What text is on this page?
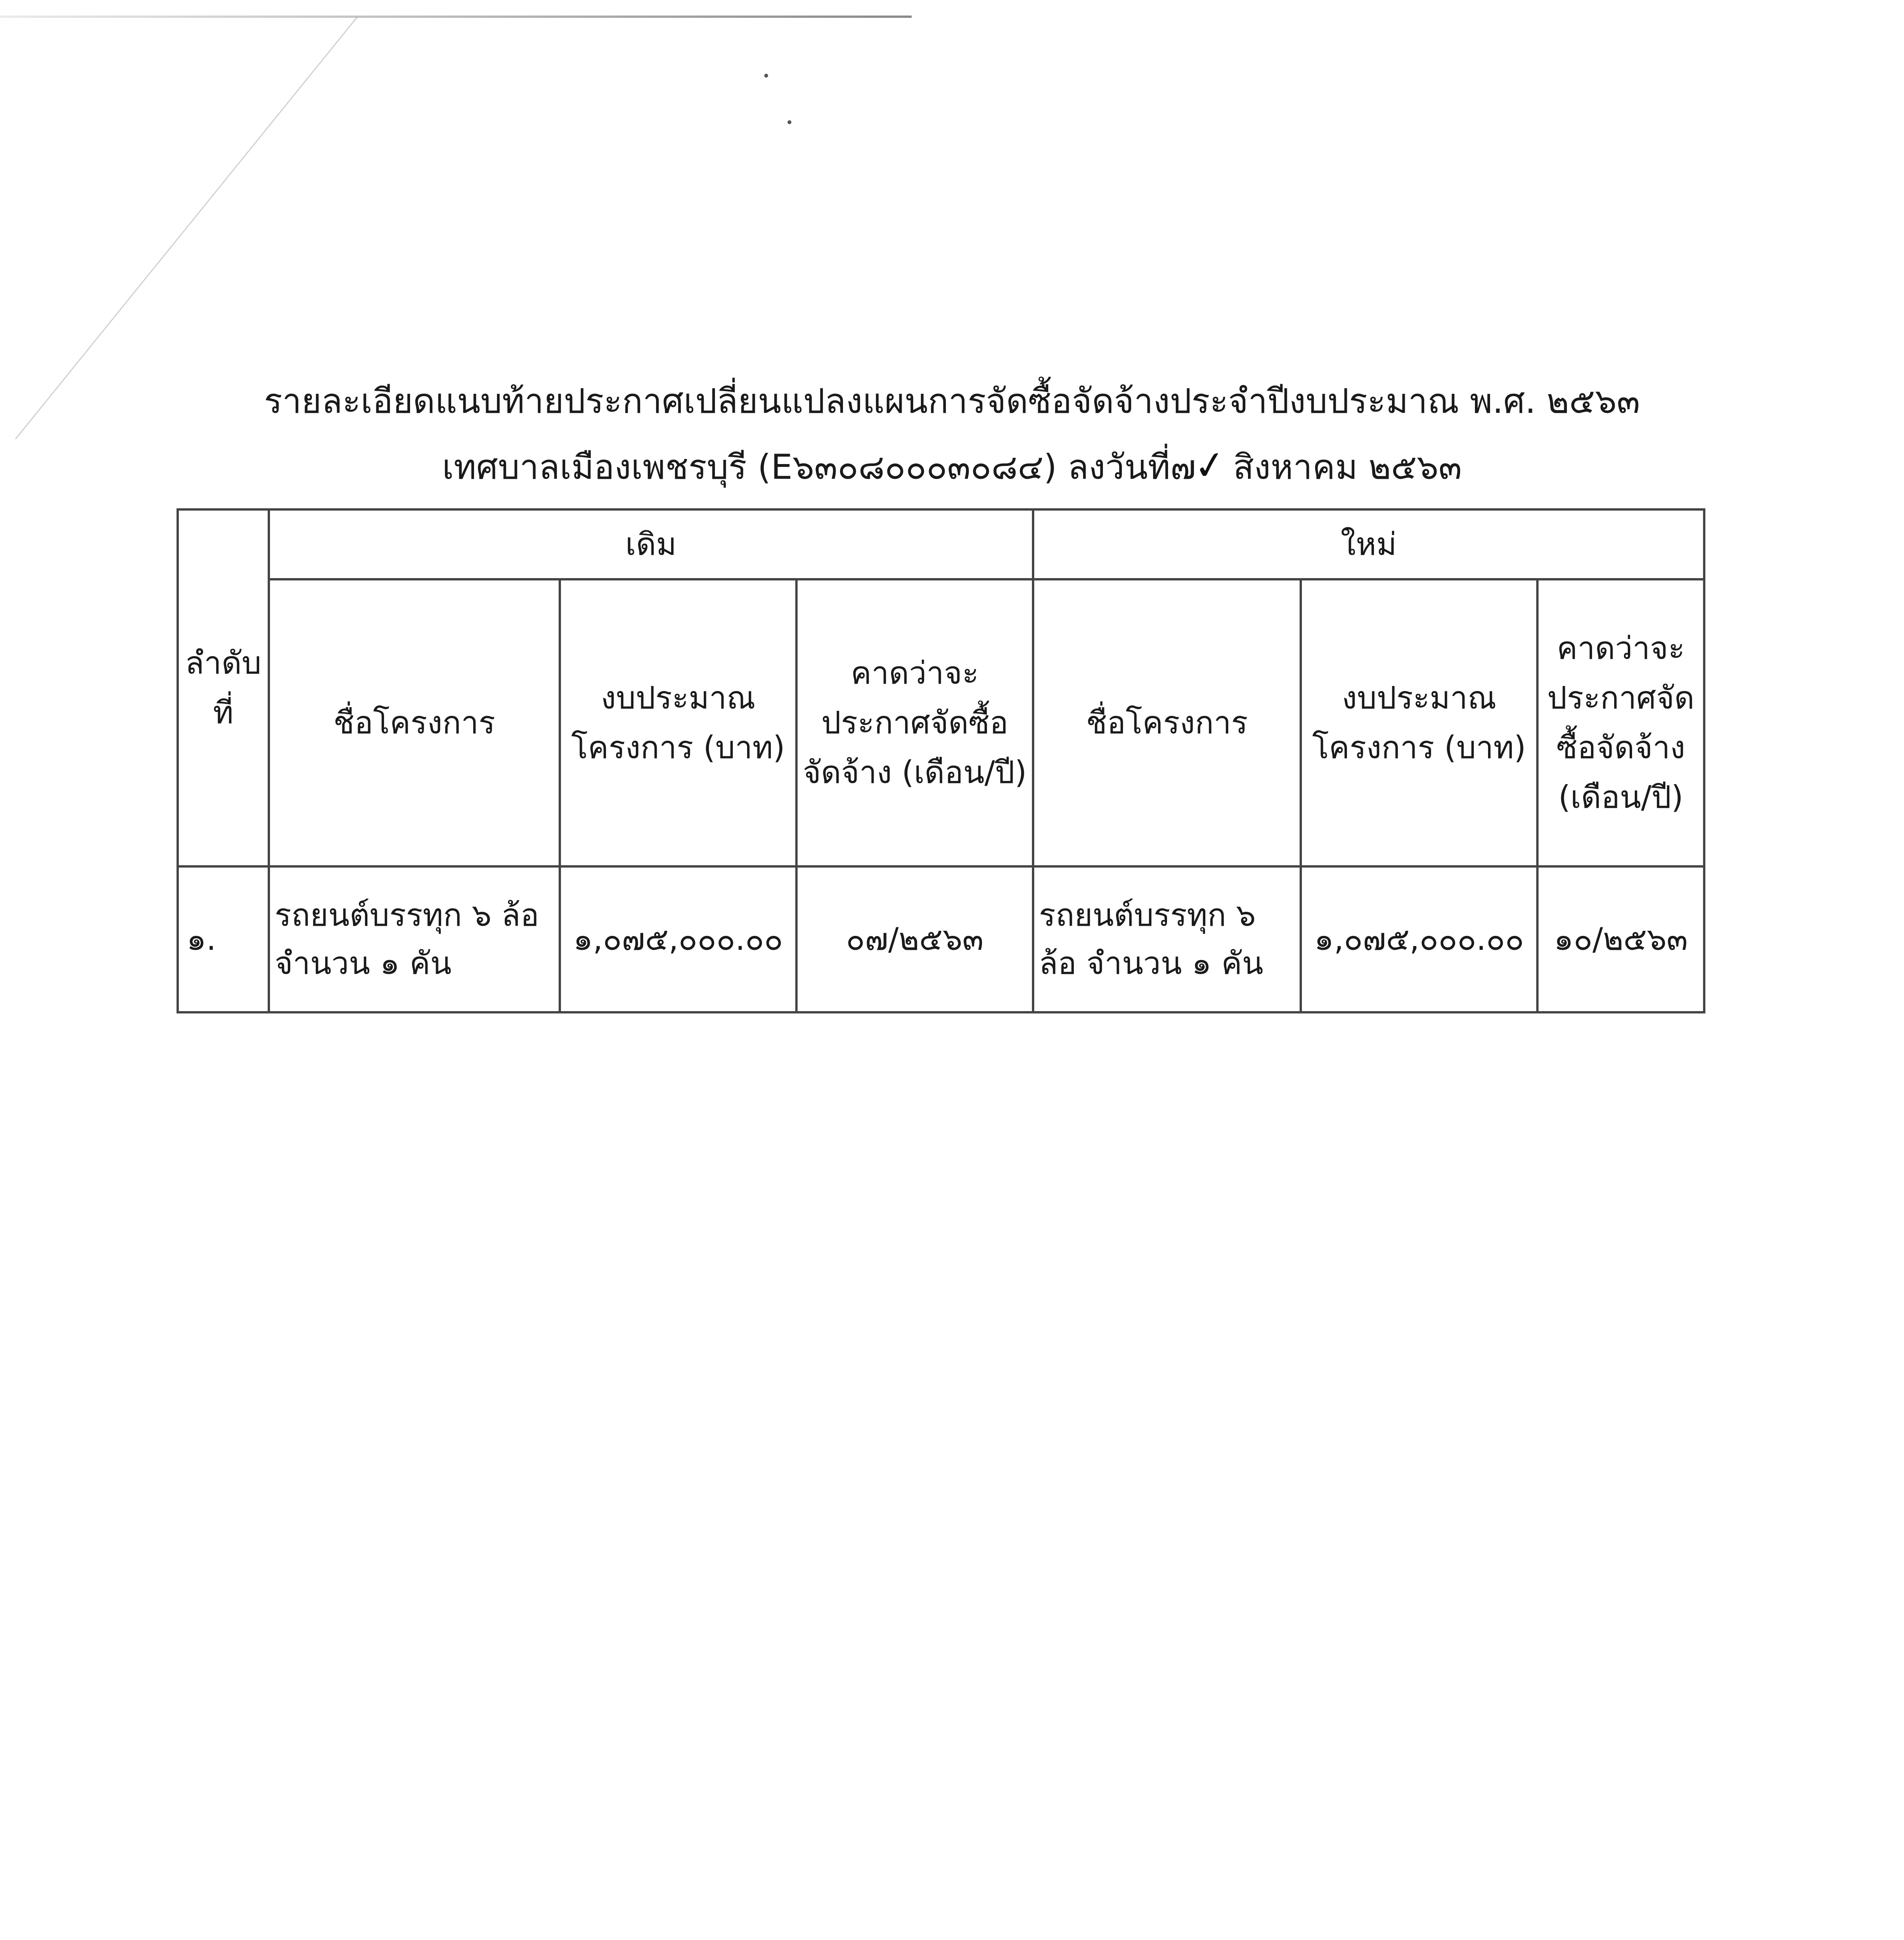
รายละเอียดแนบท้ายประกาศเปลี่ยนแปลงแผนการจัดซื้อจัดจ้างประจำปีงบประมาณ พ.ศ. ๒๕๖๓
เทศบาลเมืองเพชรบุรี (E๖๓๐๘๐๐๐๓๐๘๔) ลงวันที่๗✓ สิงหาคม ๒๕๖๓
ลำดับที่	เดิม			ใหม่		
	ชื่อโครงการ	งบประมาณโครงการ (บาท)	คาดว่าจะประกาศจัดซื้อจัดจ้าง (เดือน/ปี)	ชื่อโครงการ	งบประมาณโครงการ (บาท)	คาดว่าจะประกาศจัดซื้อจัดจ้าง (เดือน/ปี)
๑.	รถยนต์บรรทุก ๖ ล้อ จำนวน ๑ คัน	๑,๐๗๕,๐๐๐.๐๐	๐๗/๒๕๖๓	รถยนต์บรรทุก ๖ ล้อ จำนวน ๑ คัน	๑,๐๗๕,๐๐๐.๐๐	๑๐/๒๕๖๓
